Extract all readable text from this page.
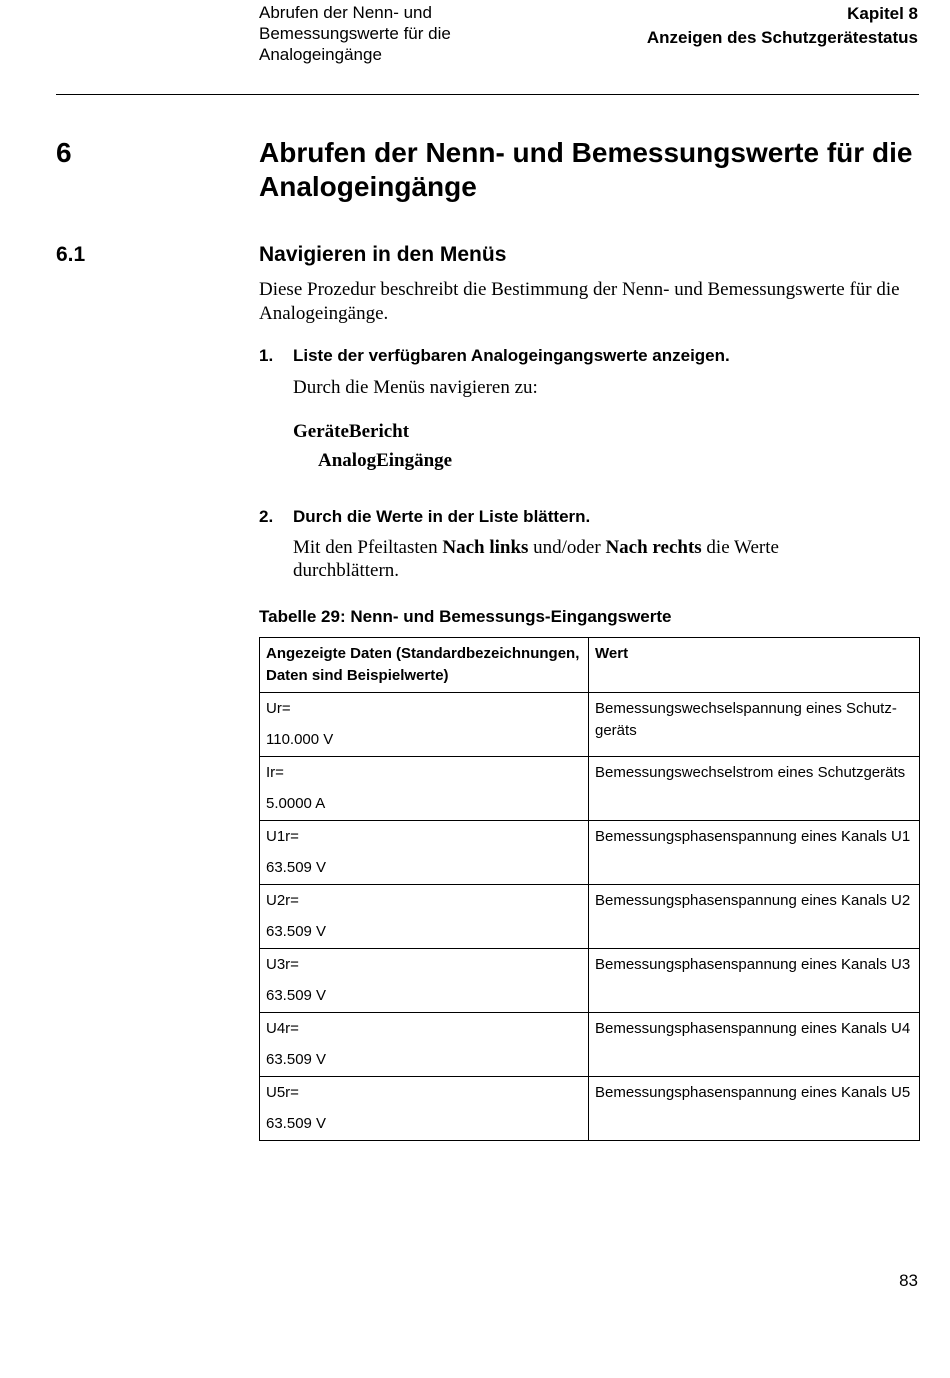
Abrufen der Nenn- und
Bemessungswerte für die
Analogeingänge
Kapitel 8
Anzeigen des Schutzgerätestatus
6	Abrufen der Nenn- und Bemessungswerte für die Analogeingänge
6.1	Navigieren in den Menüs
Diese Prozedur beschreibt die Bestimmung der Nenn- und Bemessungswerte für die Analogeingänge.
1. Liste der verfügbaren Analogeingangswerte anzeigen.
Durch die Menüs navigieren zu:
GeräteBericht
AnalogEingänge
2. Durch die Werte in der Liste blättern.
Mit den Pfeiltasten Nach links und/oder Nach rechts die Werte durchblättern.
Tabelle 29: Nenn- und Bemessungs-Eingangswerte
Angezeigte Daten (Standardbezeichnungen, Daten sind Beispielwerte)	Wert

Ur=
110.000 V	Bemessungswechselspannung eines Schutzgeräts

Ir=
5.0000 A	Bemessungswechselstrom eines Schutzgeräts

U1r=
63.509 V	Bemessungsphasenspannung eines Kanals U1

U2r=
63.509 V	Bemessungsphasenspannung eines Kanals U2

U3r=
63.509 V	Bemessungsphasenspannung eines Kanals U3

U4r=
63.509 V	Bemessungsphasenspannung eines Kanals U4

U5r=
63.509 V	Bemessungsphasenspannung eines Kanals U5
83
